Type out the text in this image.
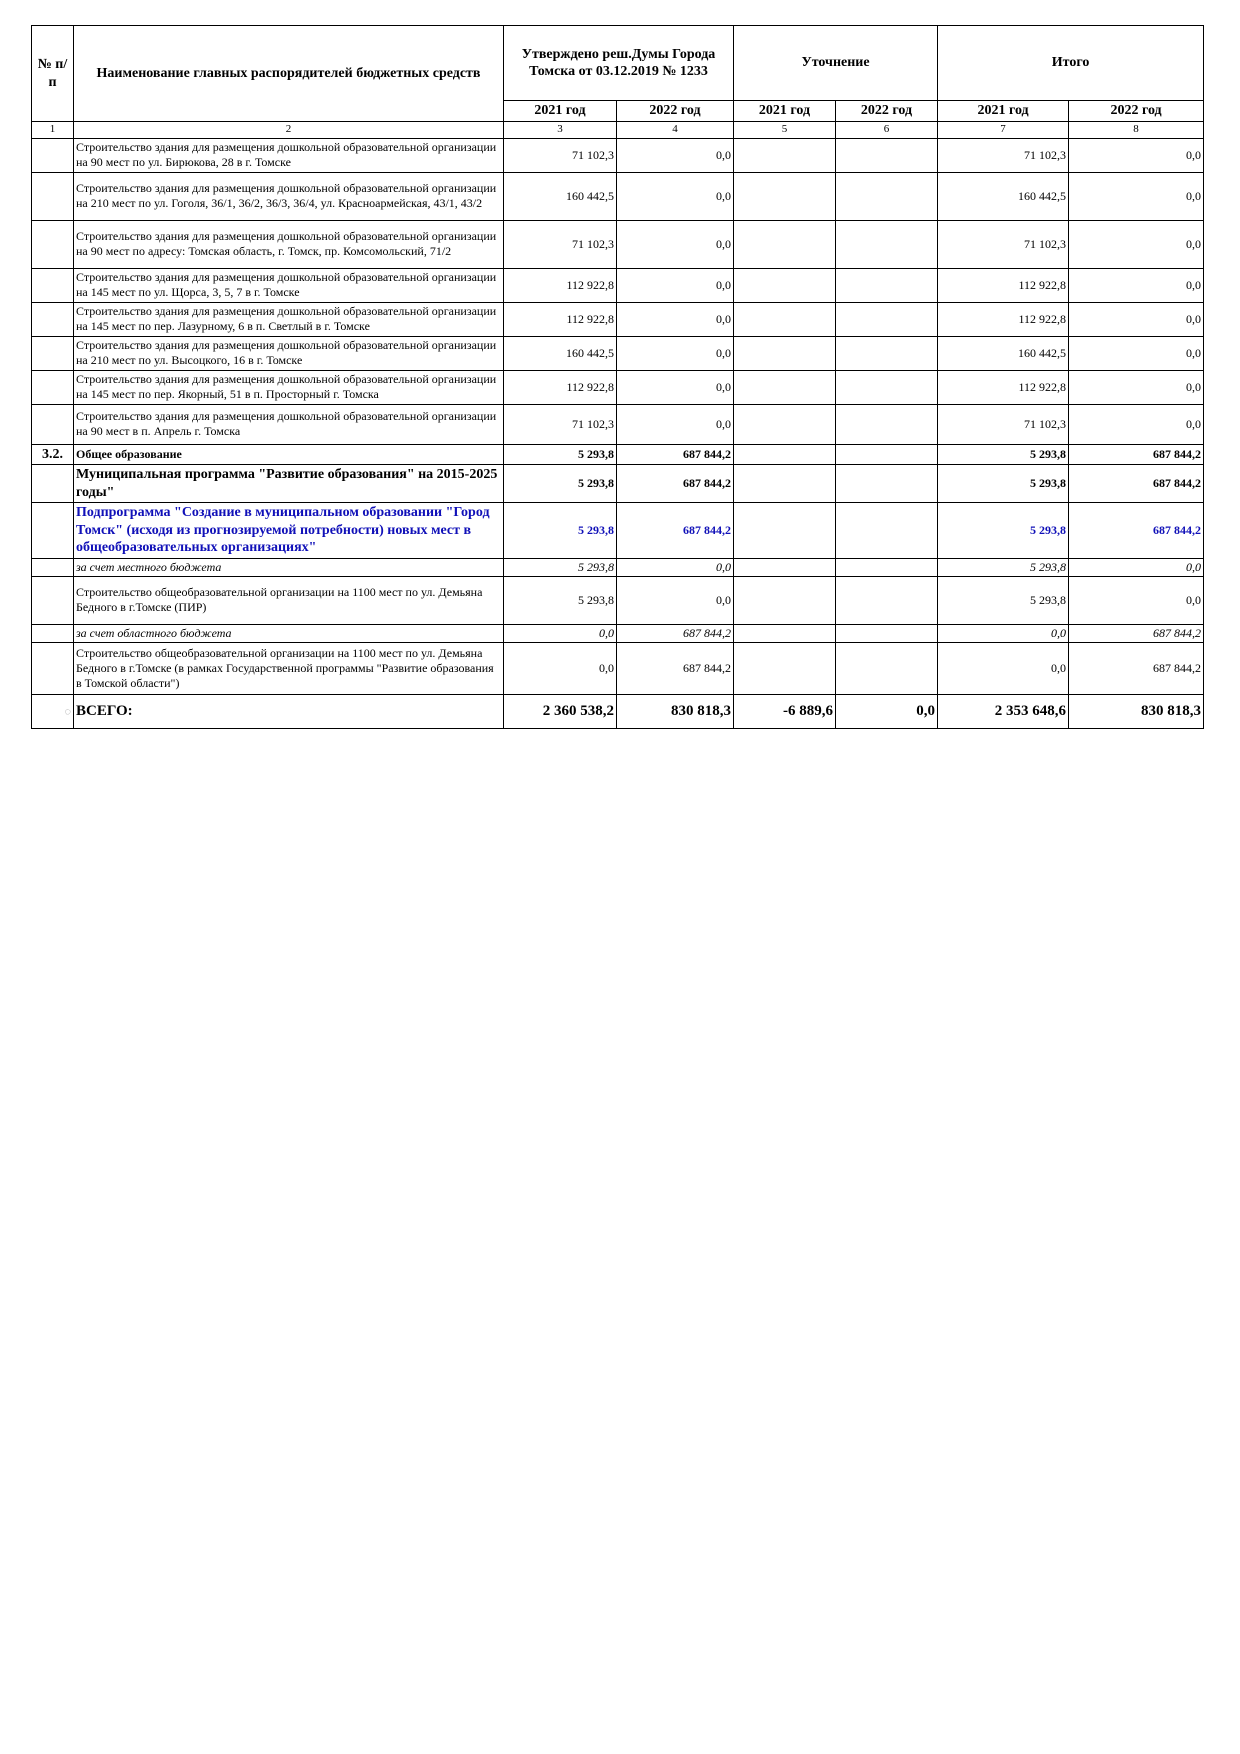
№ п/п	Наименование главных распорядителей бюджетных средств	Утверждено реш.Думы Города Томска от 03.12.2019 № 1233		Уточнение		Итого	
		2021 год	2022 год	2021 год	2022 год	2021 год	2022 год
1	2	3	4	5	6	7	8
	Строительство здания для размещения дошкольной образовательной организации на 90 мест по ул. Бирюкова, 28 в г. Томске	71 102,3	0,0			71 102,3	0,0
	Строительство здания для размещения дошкольной образовательной организации на 210 мест по ул. Гоголя, 36/1, 36/2, 36/3, 36/4, ул. Красноармейская, 43/1, 43/2	160 442,5	0,0			160 442,5	0,0
	Строительство здания для размещения дошкольной образовательной организации на 90 мест по адресу: Томская область, г. Томск, пр. Комсомольский, 71/2	71 102,3	0,0			71 102,3	0,0
	Строительство здания для размещения дошкольной образовательной организации на 145 мест по ул. Щорса, 3, 5, 7 в г. Томске	112 922,8	0,0			112 922,8	0,0
	Строительство здания для размещения дошкольной образовательной организации на 145 мест по пер. Лазурному, 6 в п. Светлый в г. Томске	112 922,8	0,0			112 922,8	0,0
	Строительство здания для размещения дошкольной образовательной организации на 210 мест по ул. Высоцкого, 16 в г. Томске	160 442,5	0,0			160 442,5	0,0
	Строительство здания для размещения дошкольной образовательной организации на 145 мест по пер. Якорный, 51 в п. Просторный г. Томска	112 922,8	0,0			112 922,8	0,0
	Строительство здания для размещения дошкольной образовательной организации на 90 мест в п. Апрель г. Томска	71 102,3	0,0			71 102,3	0,0
3.2.	Общее образование	5 293,8	687 844,2			5 293,8	687 844,2
	Муниципальная программа "Развитие образования" на 2015-2025 годы"	5 293,8	687 844,2			5 293,8	687 844,2
	Подпрограмма "Создание в муниципальном образовании "Город Томск" (исходя из прогнозируемой потребности) новых мест в общеобразовательных организациях"	5 293,8	687 844,2			5 293,8	687 844,2
	за счет местного бюджета	5 293,8	0,0			5 293,8	0,0
	Строительство общеобразовательной организации на 1100 мест по ул. Демьяна Бедного в г.Томске (ПИР)	5 293,8	0,0			5 293,8	0,0
	за счет областного бюджета	0,0	687 844,2			0,0	687 844,2
	Строительство общеобразовательной организации на 1100 мест по ул. Демьяна Бедного в г.Томске (в рамках Государственной программы "Развитие образования в Томской области")	0,0	687 844,2			0,0	687 844,2
◌	ВСЕГО:	2 360 538,2	830 818,3	-6 889,6	0,0	2 353 648,6	830 818,3
